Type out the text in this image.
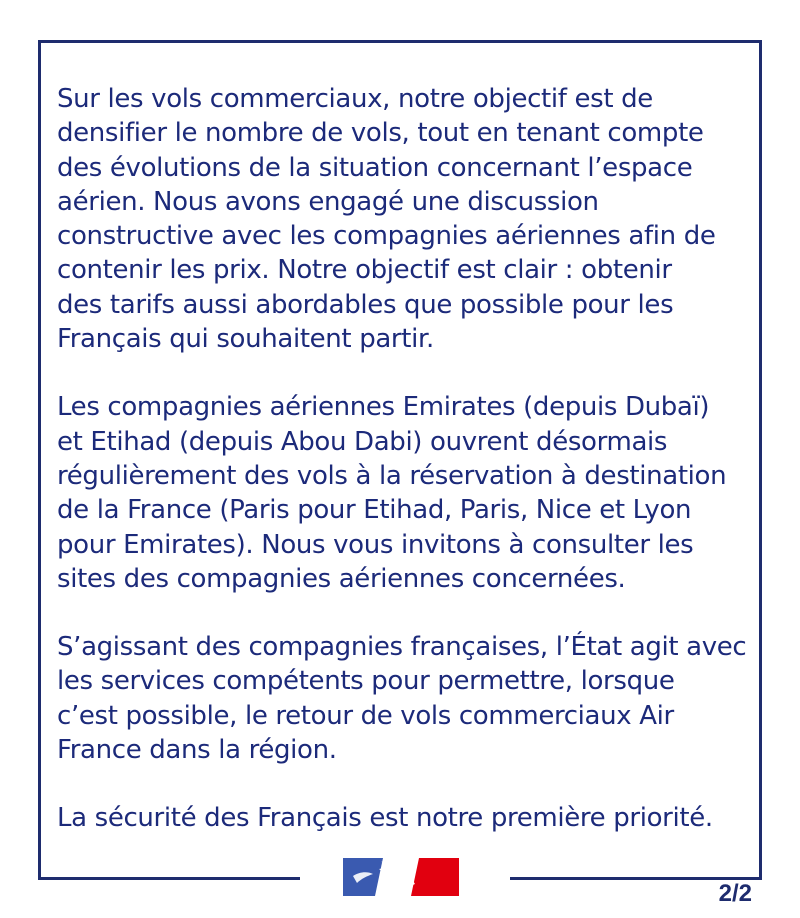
Sur les vols commerciaux, notre objectif est de
densifier le nombre de vols, tout en tenant compte
des évolutions de la situation concernant l’espace
aérien. Nous avons engagé une discussion
constructive avec les compagnies aériennes afin de
contenir les prix. Notre objectif est clair : obtenir
des tarifs aussi abordables que possible pour les
Français qui souhaitent partir.

Les compagnies aériennes Emirates (depuis Dubaï)
et Etihad (depuis Abou Dabi) ouvrent désormais
régulièrement des vols à la réservation à destination
de la France (Paris pour Etihad, Paris, Nice et Lyon
pour Emirates). Nous vous invitons à consulter les
sites des compagnies aériennes concernées.

S’agissant des compagnies françaises, l’État agit avec
les services compétents pour permettre, lorsque
c’est possible, le retour de vols commerciaux Air
France dans la région.

La sécurité des Français est notre première priorité.

2/2
